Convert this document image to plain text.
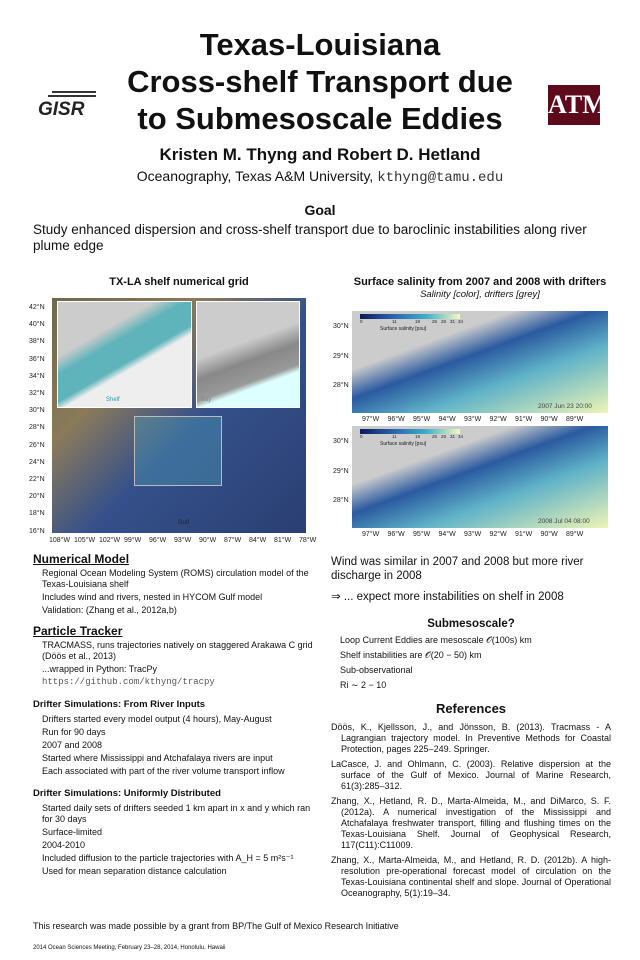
GISR
Texas-Louisiana
Cross-shelf Transport due
to Submesoscale Eddies	ATM
Kristen M. Thyng and Robert D. Hetland
Oceanography, Texas A&M University, kthyng@tamu.edu
Goal
Study enhanced dispersion and cross-shelf transport due to baroclinic instabilities along river plume edge
TX-LA shelf numerical grid
Shelf	Bay
Gulf
Surface salinity from 2007 and 2008 with drifters
Salinity [color], drifters [grey]
Numerical Model
Regional Ocean Modeling System (ROMS) circulation model of the Texas-Louisiana shelf
Includes wind and rivers, nested in HYCOM Gulf model
Validation: (Zhang et al., 2012a,b)
Particle Tracker
TRACMASS, runs trajectories natively on staggered Arakawa C grid (Döös et al., 2013)
...wrapped in Python: TracPy
https://github.com/kthyng/tracpy
Drifter Simulations: From River Inputs
Drifters started every model output (4 hours), May-August
Run for 90 days
2007 and 2008
Started where Mississippi and Atchafalaya rivers are input
Each associated with part of the river volume transport inflow
Drifter Simulations: Uniformly Distributed
Started daily sets of drifters seeded 1 km apart in x and y which ran for 30 days
Surface-limited
2004-2010
Included diffusion to the particle trajectories with A_H = 5 m²s⁻¹
Used for mean separation distance calculation
Wind was similar in 2007 and 2008 but more river discharge in 2008
⇒ ... expect more instabilities on shelf in 2008
Submesoscale?
Loop Current Eddies are mesoscale 𝒪(100s) km
Shelf instabilities are 𝒪(20 − 50) km
Sub-observational
Ri ∼ 2 − 10
References
Döös, K., Kjellsson, J., and Jönsson, B. (2013). Tracmass - A Lagrangian trajectory model. In Preventive Methods for Coastal Protection, pages 225–249. Springer.
LaCasce, J. and Ohlmann, C. (2003). Relative dispersion at the surface of the Gulf of Mexico. Journal of Marine Research, 61(3):285–312.
Zhang, X., Hetland, R. D., Marta-Almeida, M., and DiMarco, S. F. (2012a). A numerical investigation of the Mississippi and Atchafalaya freshwater transport, filling and flushing times on the Texas-Louisiana Shelf. Journal of Geophysical Research, 117(C11):C11009.
Zhang, X., Marta-Almeida, M., and Hetland, R. D. (2012b). A high-resolution pre-operational forecast model of circulation on the Texas-Louisiana continental shelf and slope. Journal of Operational Oceanography, 5(1):19–34.
This research was made possible by a grant from BP/The Gulf of Mexico Research Initiative
2014 Ocean Sciences Meeting, February 23–28, 2014, Honolulu, Hawaii
42°N
40°N
38°N
36°N
34°N
32°N
30°N
28°N
26°N
24°N
22°N
20°N
18°N
16°N
108°W 105°W 102°W 99°W 96°W 93°W 90°W 87°W 84°W 81°W 78°W
0	11	19	25 28 31 34
Surface salinity [psu]
2007 Jun 23 20:00
30°N
29°N
28°N
97°W 96°W 95°W 94°W 93°W 92°W 91°W 90°W 89°W
0	11	19	25 28 31 34
Surface salinity [psu]
2008 Jul 04 08:00
30°N
29°N
28°N
97°W 96°W 95°W 94°W 93°W 92°W 91°W 90°W 89°W
